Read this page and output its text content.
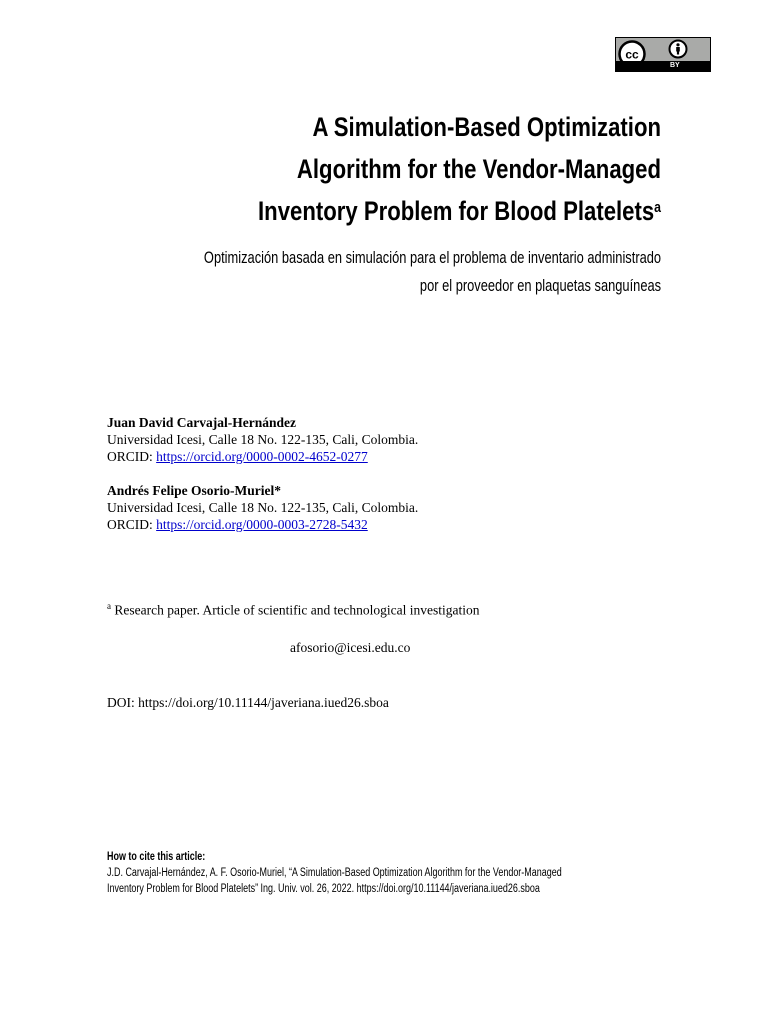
cc
BY
A Simulation-Based Optimization
Algorithm for the Vendor-Managed
Inventory Problem for Blood Platelets$^a$
Optimización basada en simulación para el problema de inventario administrado
por el proveedor en plaquetas sanguíneas
Juan David Carvajal-Hernández
Universidad Icesi, Calle 18 No. 122-135, Cali, Colombia.
ORCID: https://orcid.org/0000-0002-4652-0277
Andrés Felipe Osorio-Muriel*
Universidad Icesi, Calle 18 No. 122-135, Cali, Colombia.
ORCID: https://orcid.org/0000-0003-2728-5432
$^a$ Research paper. Article of scientific and technological investigation
afosorio@icesi.edu.co
DOI: https://doi.org/10.11144/javeriana.iued26.sboa
How to cite this article:
J.D. Carvajal-Hernández, A. F. Osorio-Muriel, “A Simulation-Based Optimization Algorithm for the Vendor-Managed
Inventory Problem for Blood Platelets” Ing. Univ. vol. 26, 2022. https://doi.org/10.11144/javeriana.iued26.sboa
